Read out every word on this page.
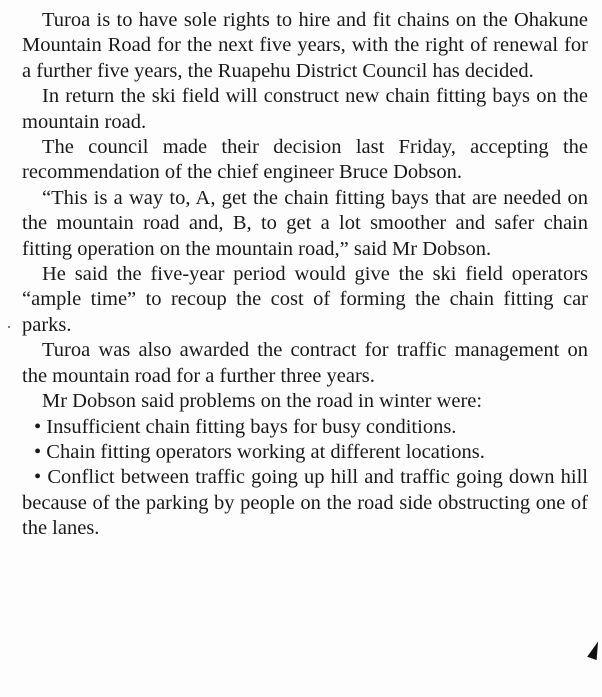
Turoa is to have sole rights to hire and fit chains on the Ohakune Mountain Road for the next five years, with the right of renewal for a further five years, the Ruapehu District Council has decided.

In return the ski field will construct new chain fitting bays on the mountain road.

The council made their decision last Friday, accepting the recommendation of the chief engineer Bruce Dobson.

“This is a way to, A, get the chain fitting bays that are needed on the mountain road and, B, to get a lot smoother and safer chain fitting operation on the mountain road,” said Mr Dobson.

He said the five-year period would give the ski field operators “ample time” to recoup the cost of forming the chain fitting car parks.

Turoa was also awarded the contract for traffic management on the mountain road for a further three years.

Mr Dobson said problems on the road in winter were:

• Insufficient chain fitting bays for busy conditions.

• Chain fitting operators working at different locations.

• Conflict between traffic going up hill and traffic going down hill because of the parking by people on the road side obstructing one of the lanes.
